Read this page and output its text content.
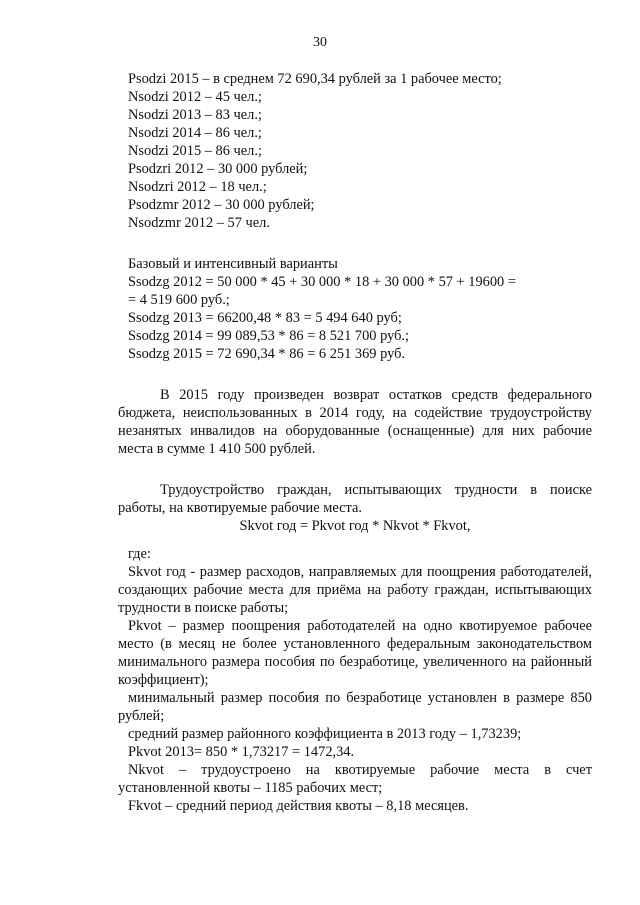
30

Psodzi 2015 – в среднем 72 690,34 рублей за 1 рабочее место;

Nsodzi 2012 – 45 чел.;

Nsodzi 2013 – 83 чел.;

Nsodzi 2014 – 86 чел.;

Nsodzi 2015 – 86 чел.;

Psodzri 2012 – 30 000 рублей;

Nsodzri 2012 – 18 чел.;

Psodzmr 2012 – 30 000 рублей;

Nsodzmr 2012 – 57 чел.

Базовый и интенсивный варианты

Ssodzg 2012 = 50 000 * 45 + 30 000 * 18 + 30 000 * 57 + 19600 =

= 4 519 600 руб.;

Ssodzg 2013 = 66200,48 * 83 = 5 494 640 руб;

Ssodzg 2014 = 99 089,53 * 86 = 8 521 700 руб.;

Ssodzg 2015 = 72 690,34 * 86 = 6 251 369 руб.

В 2015 году произведен возврат остатков средств федерального бюджета, неиспользованных в 2014 году, на содействие трудоустройству незанятых инвалидов на оборудованные (оснащенные) для них рабочие места в сумме 1 410 500 рублей.

Трудоустройство граждан, испытывающих трудности в поиске работы, на квотируемые рабочие места.

Skvot год = Pkvot год * Nkvot * Fkvot,

где:

Skvot год - размер расходов, направляемых для поощрения работодателей, создающих рабочие места для приёма на работу граждан, испытывающих трудности в поиске работы;

Pkvot – размер поощрения работодателей на одно квотируемое рабочее место (в месяц не более установленного федеральным законодательством минимального размера пособия по безработице, увеличенного на районный коэффициент);

минимальный размер пособия по безработице установлен в размере 850 рублей;

средний размер районного коэффициента в 2013 году – 1,73239;

Pkvot 2013= 850 * 1,73217 = 1472,34.

Nkvot – трудоустроено на квотируемые рабочие места в счет установленной квоты – 1185 рабочих мест;

Fkvot – средний период действия квоты – 8,18 месяцев.
